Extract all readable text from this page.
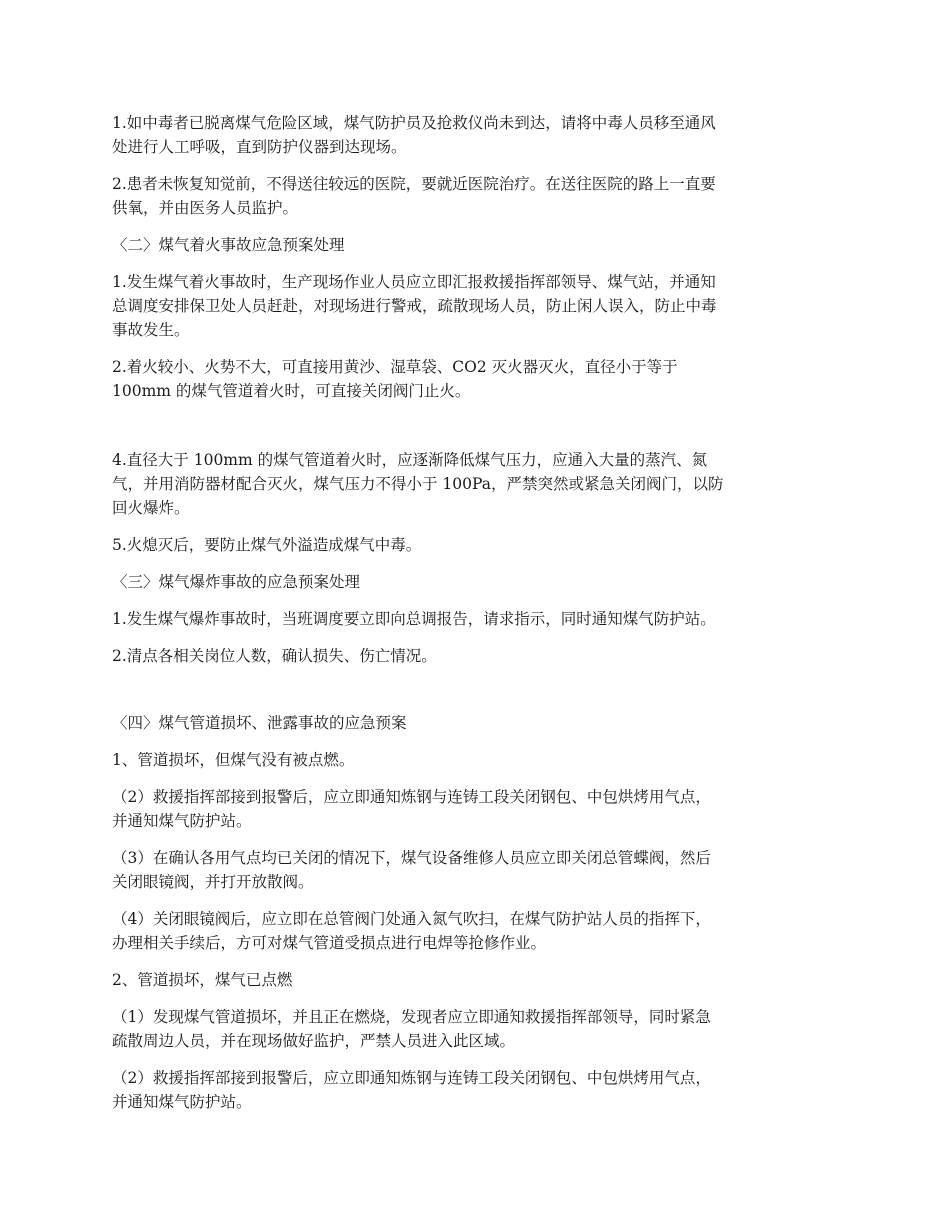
1.如中毒者已脱离煤气危险区域，煤气防护员及抢救仪尚未到达，请将中毒人员移至通风
处进行人工呼吸，直到防护仪器到达现场。

2.患者未恢复知觉前，不得送往较远的医院，要就近医院治疗。在送往医院的路上一直要
供氧，并由医务人员监护。

〈二〉煤气着火事故应急预案处理

1.发生煤气着火事故时，生产现场作业人员应立即汇报救援指挥部领导、煤气站，并通知
总调度安排保卫处人员赶赴，对现场进行警戒，疏散现场人员，防止闲人误入，防止中毒
事故发生。

2.着火较小、火势不大，可直接用黄沙、湿草袋、CO2 灭火器灭火，直径小于等于
100mm 的煤气管道着火时，可直接关闭阀门止火。

4.直径大于 100mm 的煤气管道着火时，应逐渐降低煤气压力，应通入大量的蒸汽、氮
气，并用消防器材配合灭火，煤气压力不得小于 100Pa，严禁突然或紧急关闭阀门，以防
回火爆炸。

5.火熄灭后，要防止煤气外溢造成煤气中毒。

〈三〉煤气爆炸事故的应急预案处理

1.发生煤气爆炸事故时，当班调度要立即向总调报告，请求指示，同时通知煤气防护站。

2.清点各相关岗位人数，确认损失、伤亡情况。

〈四〉煤气管道损坏、泄露事故的应急预案

1、管道损坏，但煤气没有被点燃。

（2）救援指挥部接到报警后，应立即通知炼钢与连铸工段关闭钢包、中包烘烤用气点，
并通知煤气防护站。

（3）在确认各用气点均已关闭的情况下，煤气设备维修人员应立即关闭总管蝶阀，然后
关闭眼镜阀，并打开放散阀。

（4）关闭眼镜阀后，应立即在总管阀门处通入氮气吹扫，在煤气防护站人员的指挥下，
办理相关手续后，方可对煤气管道受损点进行电焊等抢修作业。

2、管道损坏，煤气已点燃

（1）发现煤气管道损坏，并且正在燃烧，发现者应立即通知救援指挥部领导，同时紧急
疏散周边人员，并在现场做好监护，严禁人员进入此区域。

（2）救援指挥部接到报警后，应立即通知炼钢与连铸工段关闭钢包、中包烘烤用气点，
并通知煤气防护站。
